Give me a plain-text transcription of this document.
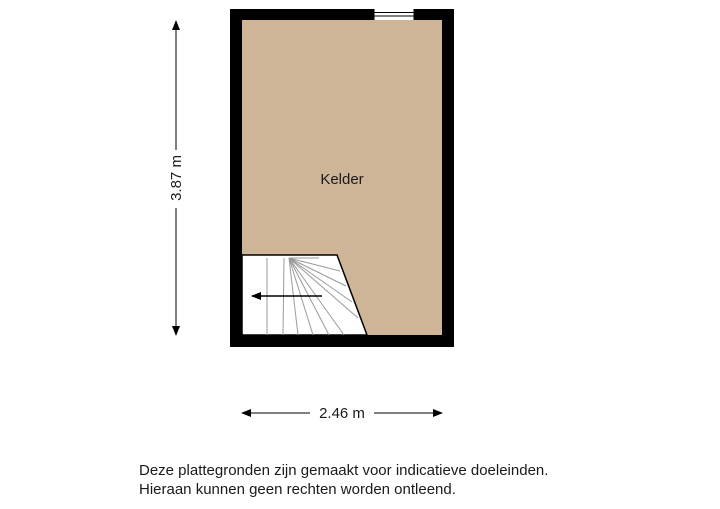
Kelder
3.87 m
2.46 m
Deze plattegronden zijn gemaakt voor indicatieve doeleinden.
Hieraan kunnen geen rechten worden ontleend.
